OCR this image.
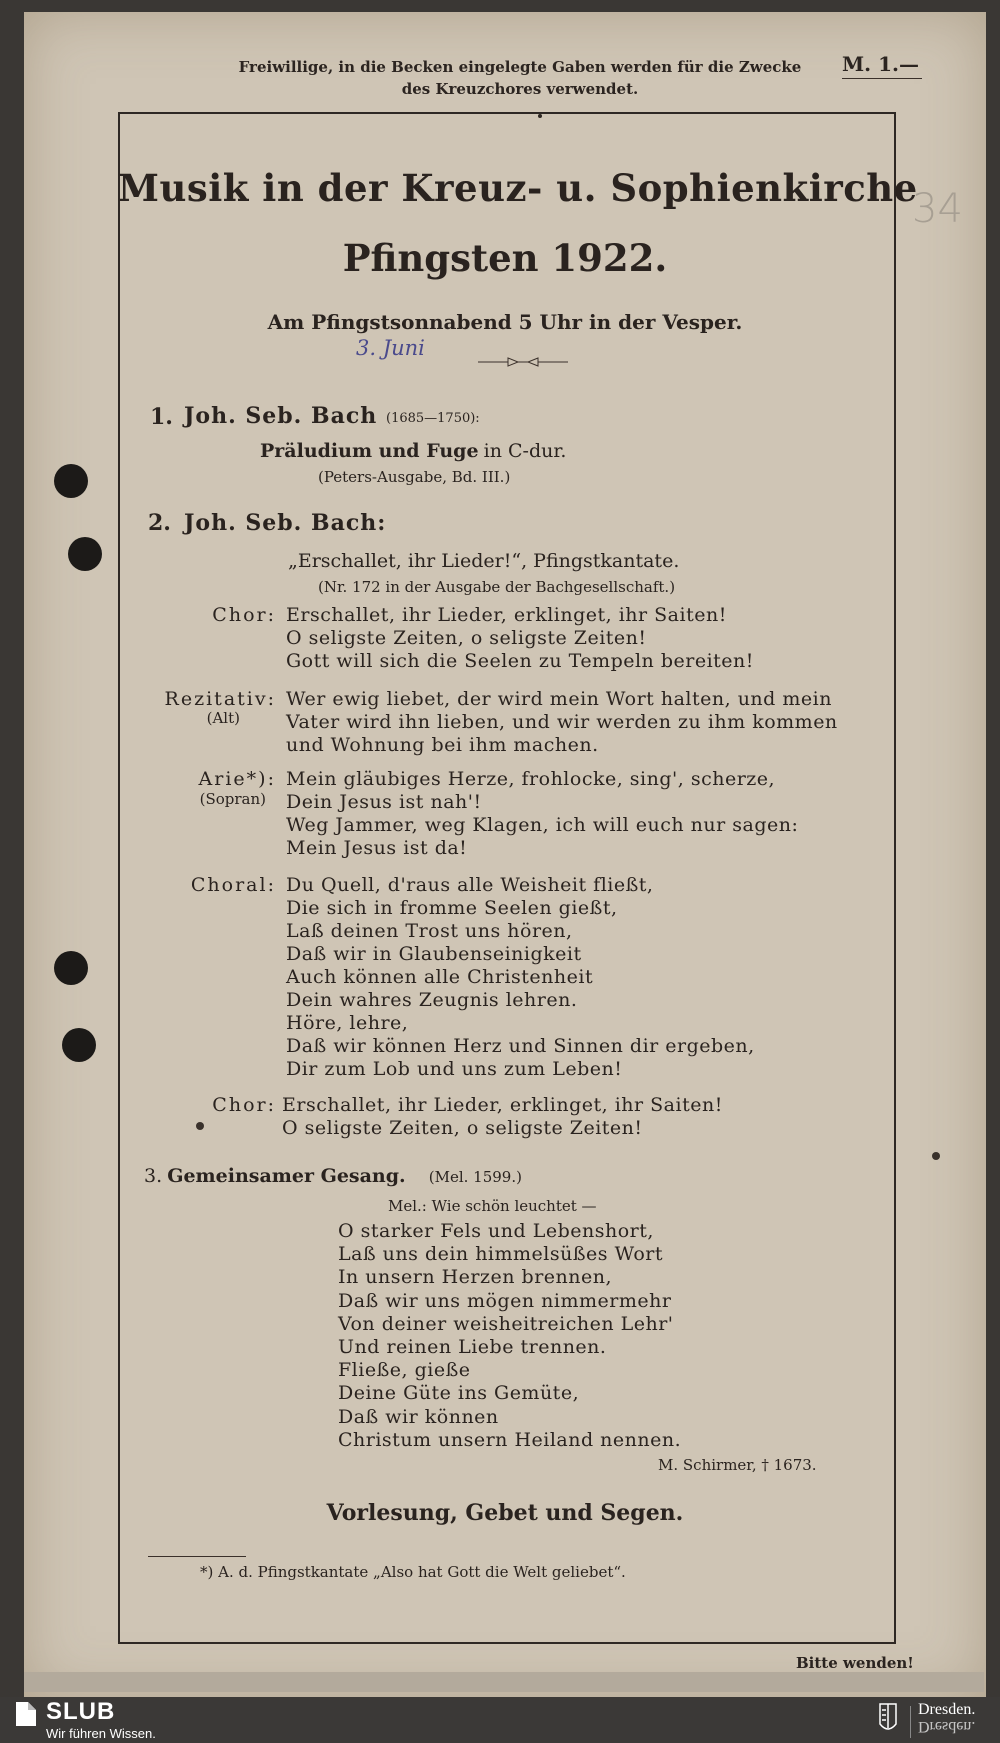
Freiwillige, in die Becken eingelegte Gaben werden für die Zwecke
des Kreuzchores verwendet.
M. 1.—
Musik in der Kreuz- u. Sophienkirche
Pfingsten 1922.
Am Pfingstsonnabend 5 Uhr in der Vesper.
3. Juni
34
1. Joh. Seb. Bach (1685—1750):
Präludium und Fuge in C-dur.
(Peters-Ausgabe, Bd. III.)
2. Joh. Seb. Bach:
„Erschallet, ihr Lieder!“, Pfingstkantate.
(Nr. 172 in der Ausgabe der Bachgesellschaft.)
Chor: Erschallet, ihr Lieder, erklinget, ihr Saiten!
O seligste Zeiten, o seligste Zeiten!
Gott will sich die Seelen zu Tempeln bereiten!
Rezitativ:
(Alt)
Wer ewig liebet, der wird mein Wort halten, und mein
Vater wird ihn lieben, und wir werden zu ihm kommen
und Wohnung bei ihm machen.
Arie*):
(Sopran)
Mein gläubiges Herze, frohlocke, sing', scherze,
Dein Jesus ist nah'!
Weg Jammer, weg Klagen, ich will euch nur sagen:
Mein Jesus ist da!
Choral: Du Quell, d'raus alle Weisheit fließt,
Die sich in fromme Seelen gießt,
Laß deinen Trost uns hören,
Daß wir in Glaubenseinigkeit
Auch können alle Christenheit
Dein wahres Zeugnis lehren.
Höre, lehre,
Daß wir können Herz und Sinnen dir ergeben,
Dir zum Lob und uns zum Leben!
Chor: Erschallet, ihr Lieder, erklinget, ihr Saiten!
O seligste Zeiten, o seligste Zeiten!
3. Gemeinsamer Gesang. (Mel. 1599.)
Mel.: Wie schön leuchtet —
O starker Fels und Lebenshort,
Laß uns dein himmelsüßes Wort
In unsern Herzen brennen,
Daß wir uns mögen nimmermehr
Von deiner weisheitreichen Lehr'
Und reinen Liebe trennen.
Fließe, gieße
Deine Güte ins Gemüte,
Daß wir können
Christum unsern Heiland nennen.
M. Schirmer, † 1673.
Vorlesung, Gebet und Segen.
*) A. d. Pfingstkantate „Also hat Gott die Welt geliebet“.
Bitte wenden!
SLUB
Wir führen Wissen.
Dresden.
Dresden.
